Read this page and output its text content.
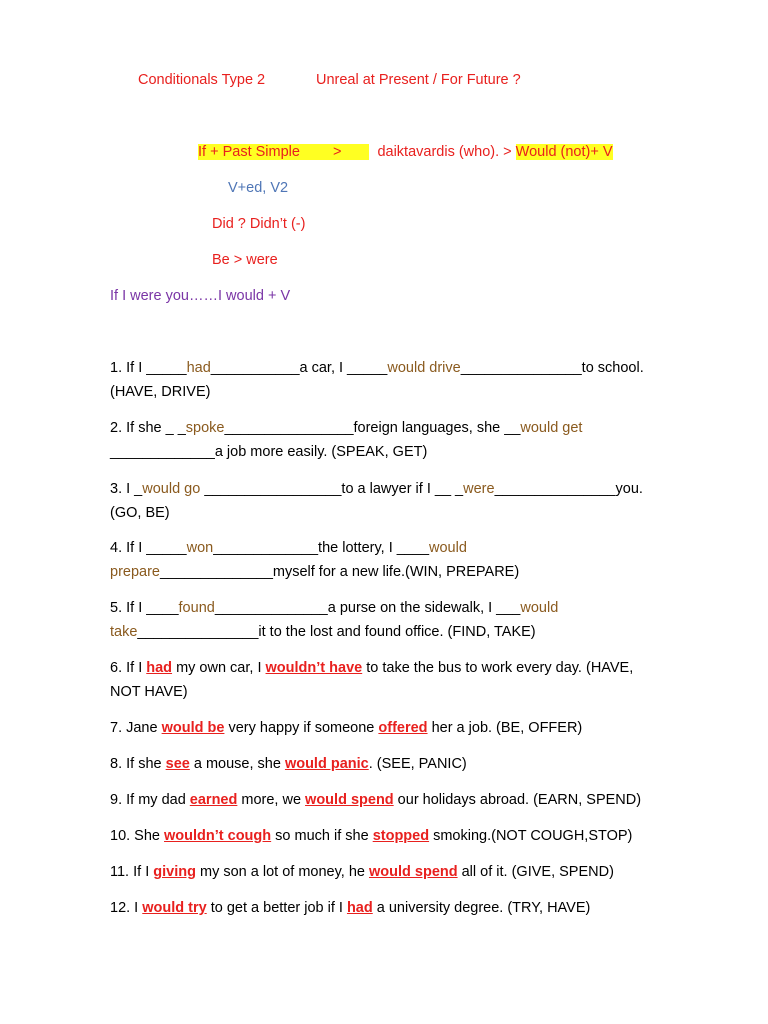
Conditionals Type 2	Unreal at Present / For Future ?
If + Past Simple > daiktavardis (who). > Would (not)+ V
V+ed, V2
Did ? Didn’t (-)
Be > were
If I were you……I would + V
1. If I _____had___________a car, I _____would drive_______________to school.
(HAVE, DRIVE)
2. If she _ _spoke________________foreign languages, she __would get
_____________a job more easily. (SPEAK, GET)
3. I _would go _________________to a lawyer if I __ _were_______________you.
(GO, BE)
4. If I _____won_____________the lottery, I ____would
prepare______________myself for a new life.(WIN, PREPARE)
5. If I ____found______________a purse on the sidewalk, I ___would
take_______________it to the lost and found office. (FIND, TAKE)
6. If I had my own car, I wouldn’t have to take the bus to work every day. (HAVE,
NOT HAVE)
7. Jane would be very happy if someone offered her a job. (BE, OFFER)
8. If she see a mouse, she would panic. (SEE, PANIC)
9. If my dad earned more, we would spend our holidays abroad. (EARN, SPEND)
10. She wouldn’t cough so much if she stopped smoking.(NOT COUGH,STOP)
11. If I giving my son a lot of money, he would spend all of it. (GIVE, SPEND)
12. I would try to get a better job if I had a university degree. (TRY, HAVE)
